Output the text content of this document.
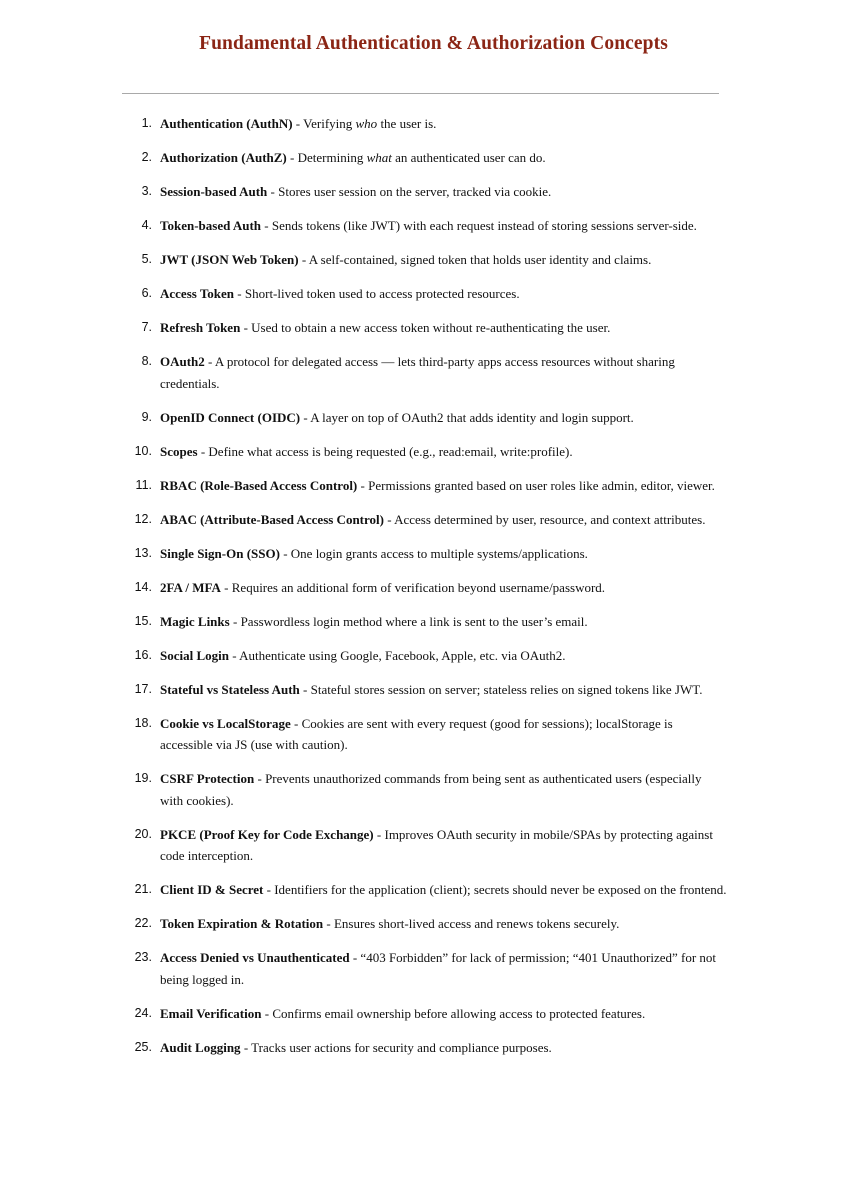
Fundamental Authentication & Authorization Concepts
1. Authentication (AuthN) - Verifying who the user is.
2. Authorization (AuthZ) - Determining what an authenticated user can do.
3. Session-based Auth - Stores user session on the server, tracked via cookie.
4. Token-based Auth - Sends tokens (like JWT) with each request instead of storing sessions server-side.
5. JWT (JSON Web Token) - A self-contained, signed token that holds user identity and claims.
6. Access Token - Short-lived token used to access protected resources.
7. Refresh Token - Used to obtain a new access token without re-authenticating the user.
8. OAuth2 - A protocol for delegated access — lets third-party apps access resources without sharing credentials.
9. OpenID Connect (OIDC) - A layer on top of OAuth2 that adds identity and login support.
10. Scopes - Define what access is being requested (e.g., read:email, write:profile).
11. RBAC (Role-Based Access Control) - Permissions granted based on user roles like admin, editor, viewer.
12. ABAC (Attribute-Based Access Control) - Access determined by user, resource, and context attributes.
13. Single Sign-On (SSO) - One login grants access to multiple systems/applications.
14. 2FA / MFA - Requires an additional form of verification beyond username/password.
15. Magic Links - Passwordless login method where a link is sent to the user’s email.
16. Social Login - Authenticate using Google, Facebook, Apple, etc. via OAuth2.
17. Stateful vs Stateless Auth - Stateful stores session on server; stateless relies on signed tokens like JWT.
18. Cookie vs LocalStorage - Cookies are sent with every request (good for sessions); localStorage is accessible via JS (use with caution).
19. CSRF Protection - Prevents unauthorized commands from being sent as authenticated users (especially with cookies).
20. PKCE (Proof Key for Code Exchange) - Improves OAuth security in mobile/SPAs by protecting against code interception.
21. Client ID & Secret - Identifiers for the application (client); secrets should never be exposed on the frontend.
22. Token Expiration & Rotation - Ensures short-lived access and renews tokens securely.
23. Access Denied vs Unauthenticated - “403 Forbidden” for lack of permission; “401 Unauthorized” for not being logged in.
24. Email Verification - Confirms email ownership before allowing access to protected features.
25. Audit Logging - Tracks user actions for security and compliance purposes.
